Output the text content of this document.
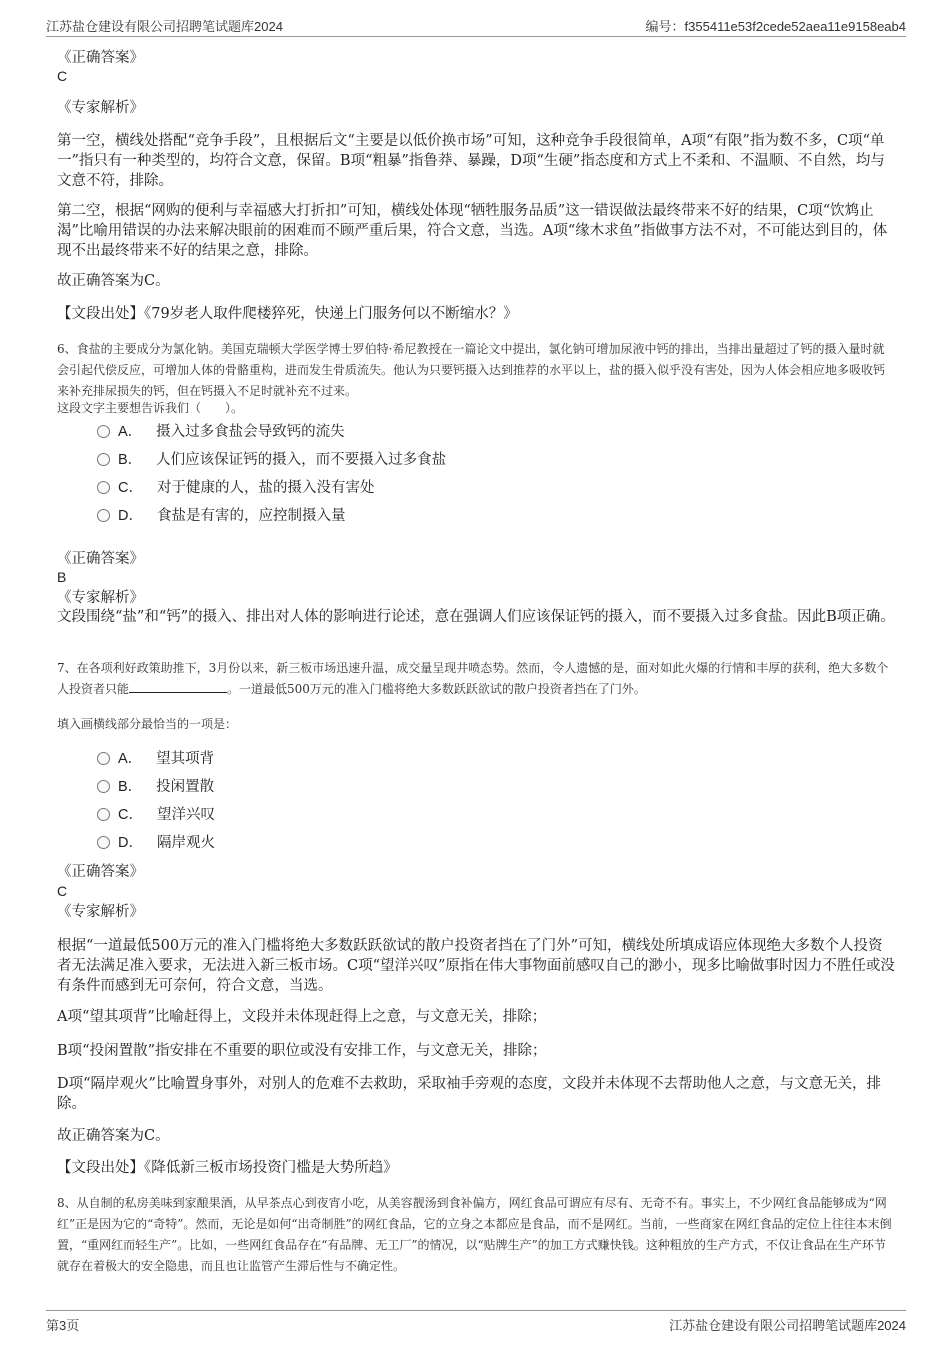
江苏盐仓建设有限公司招聘笔试题库2024	编号：f355411e53f2cede52aea11e9158eab4
《正确答案》
C
《专家解析》
第一空，横线处搭配“竞争手段”，且根据后文“主要是以低价换市场”可知，这种竞争手段很简单，A项“有限”指为数不多，C项“单一”指只有一种类型的，均符合文意，保留。B项“粗暴”指鲁莽、暴躁，D项“生硬”指态度和方式上不柔和、不温顺、不自然，均与文意不符，排除。
第二空，根据“网购的便利与幸福感大打折扣”可知，横线处体现“牺牲服务品质”这一错误做法最终带来不好的结果，C项“饮鸩止渴”比喻用错误的办法来解决眼前的困难而不顾严重后果，符合文意，当选。A项“缘木求鱼”指做事方法不对，不可能达到目的，体现不出最终带来不好的结果之意，排除。
故正确答案为C。
【文段出处】《79岁老人取件爬楼猝死，快递上门服务何以不断缩水？》
6、食盐的主要成分为氯化钠。美国克瑞顿大学医学博士罗伯特·希尼教授在一篇论文中提出，氯化钠可增加尿液中钙的排出，当排出量超过了钙的摄入量时就会引起代偿反应，可增加人体的骨骼重构，进而发生骨质流失。他认为只要钙摄入达到推荐的水平以上，盐的摄入似乎没有害处，因为人体会相应地多吸收钙来补充排尿损失的钙，但在钙摄入不足时就补充不过来。
这段文字主要想告诉我们（　　）。
A． 摄入过多食盐会导致钙的流失
B． 人们应该保证钙的摄入，而不要摄入过多食盐
C． 对于健康的人，盐的摄入没有害处
D． 食盐是有害的，应控制摄入量
《正确答案》
B
《专家解析》
文段围绕“盐”和“钙”的摄入、排出对人体的影响进行论述，意在强调人们应该保证钙的摄入，而不要摄入过多食盐。因此B项正确。
7、在各项利好政策助推下，3月份以来，新三板市场迅速升温，成交量呈现井喷态势。然而，令人遗憾的是，面对如此火爆的行情和丰厚的获利，绝大多数个人投资者只能	。一道最低500万元的准入门槛将绝大多数跃跃欲试的散户投资者挡在了门外。
填入画横线部分最恰当的一项是：
A． 望其项背
B． 投闲置散
C． 望洋兴叹
D． 隔岸观火
《正确答案》
C
《专家解析》
根据“一道最低500万元的准入门槛将绝大多数跃跃欲试的散户投资者挡在了门外”可知，横线处所填成语应体现绝大多数个人投资者无法满足准入要求，无法进入新三板市场。C项“望洋兴叹”原指在伟大事物面前感叹自己的渺小，现多比喻做事时因力不胜任或没有条件而感到无可奈何，符合文意，当选。
A项“望其项背”比喻赶得上，文段并未体现赶得上之意，与文意无关，排除；
B项“投闲置散”指安排在不重要的职位或没有安排工作，与文意无关，排除；
D项“隔岸观火”比喻置身事外，对别人的危难不去救助，采取袖手旁观的态度，文段并未体现不去帮助他人之意，与文意无关，排除。
故正确答案为C。
【文段出处】《降低新三板市场投资门槛是大势所趋》
8、从自制的私房美味到家酿果酒，从早茶点心到夜宵小吃，从美容靓汤到食补偏方，网红食品可谓应有尽有、无奇不有。事实上，不少网红食品能够成为“网红”正是因为它的“奇特”。然而，无论是如何“出奇制胜”的网红食品，它的立身之本都应是食品，而不是网红。当前，一些商家在网红食品的定位上往往本末倒置，“重网红而轻生产”。比如，一些网红食品存在“有品牌、无工厂”的情况，以“贴牌生产”的加工方式赚快钱。这种粗放的生产方式，不仅让食品在生产环节就存在着极大的安全隐患，而且也让监管产生滞后性与不确定性。
第3页	江苏盐仓建设有限公司招聘笔试题库2024
